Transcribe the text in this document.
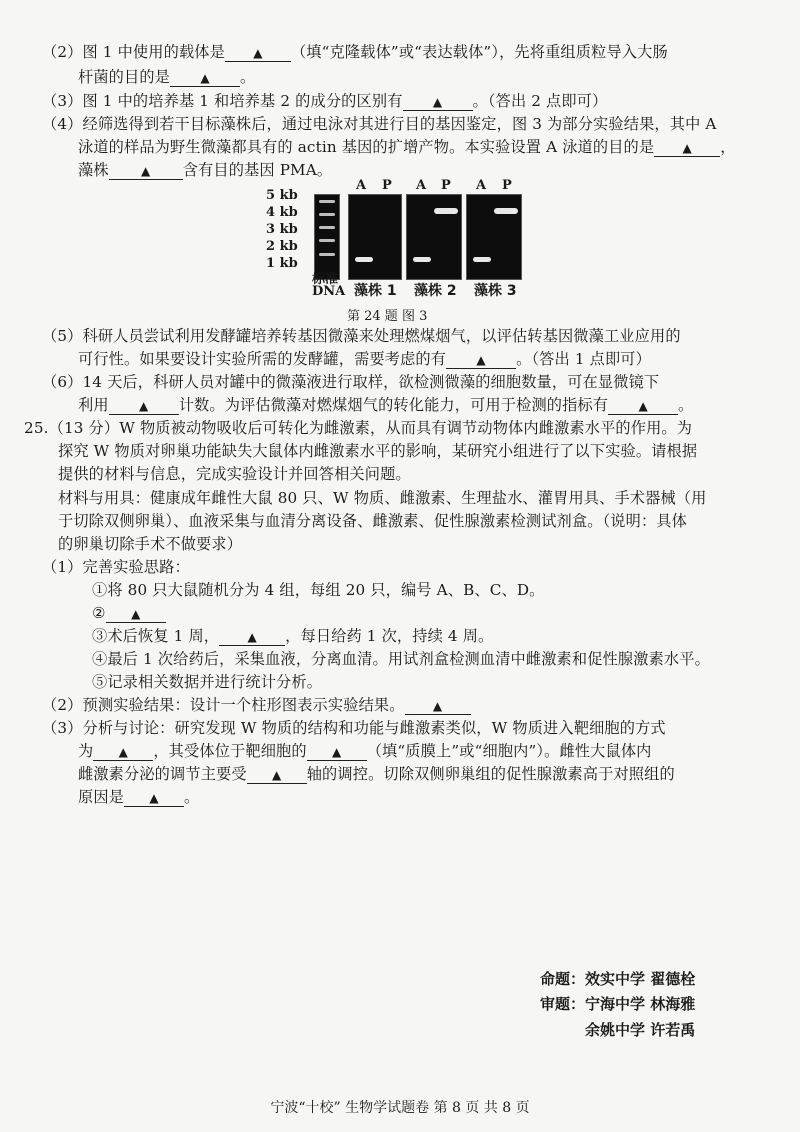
（2）图 1 中使用的载体是 ▲ （填“克隆载体”或“表达载体”），先将重组质粒导入大肠
杆菌的目的是	▲ 。
（3）图 1 中的培养基 1 和培养基 2 的成分的区别有	▲ 。（答出 2 点即可）
（4）经筛选得到若干目标藻株后，通过电泳对其进行目的基因鉴定，图 3 为部分实验结果，其中 A
泳道的样品为野生微藻都具有的 actin 基因的扩增产物。本实验设置 A 泳道的目的是 ▲ ，
藻株	▲ 含有目的基因 PMA。
5 kb
4 kb
3 kb
2 kb
1 kb
标准
DNA
A P A P A P
藻株 1 藻株 2 藻株 3
第 24 题 图 3
（5）科研人员尝试利用发酵罐培养转基因微藻来处理燃煤烟气，以评估转基因微藻工业应用的
可行性。如果要设计实验所需的发酵罐，需要考虑的有	▲ 。（答出 1 点即可）
（6）14 天后，科研人员对罐中的微藻液进行取样，欲检测微藻的细胞数量，可在显微镜下
利用	▲ 计数。为评估微藻对燃煤烟气的转化能力，可用于检测的指标有	▲ 。
25.（13 分）W 物质被动物吸收后可转化为雌激素，从而具有调节动物体内雌激素水平的作用。为
探究 W 物质对卵巢功能缺失大鼠体内雌激素水平的影响，某研究小组进行了以下实验。请根据
提供的材料与信息，完成实验设计并回答相关问题。
材料与用具：健康成年雌性大鼠 80 只、W 物质、雌激素、生理盐水、灌胃用具、手术器械（用
于切除双侧卵巢）、血液采集与血清分离设备、雌激素、促性腺激素检测试剂盒。（说明：具体
的卵巢切除手术不做要求）
（1）完善实验思路：
①将 80 只大鼠随机分为 4 组，每组 20 只，编号 A、B、C、D。
② ▲
③术后恢复 1 周， ▲ ，每日给药 1 次，持续 4 周。
④最后 1 次给药后，采集血液，分离血清。用试剂盒检测血清中雌激素和促性腺激素水平。
⑤记录相关数据并进行统计分析。
（2）预测实验结果：设计一个柱形图表示实验结果。 ▲
（3）分析与讨论：研究发现 W 物质的结构和功能与雌激素类似，W 物质进入靶细胞的方式
为 ▲ ，其受体位于靶细胞的 ▲ （填“质膜上”或“细胞内”）。雌性大鼠体内
雌激素分泌的调节主要受 ▲ 轴的调控。切除双侧卵巢组的促性腺激素高于对照组的
原因是 ▲ 。
命题：效实中学 翟德栓
审题：宁海中学 林海雅
余姚中学 许若禹
宁波“十校” 生物学试题卷 第 8 页 共 8 页
